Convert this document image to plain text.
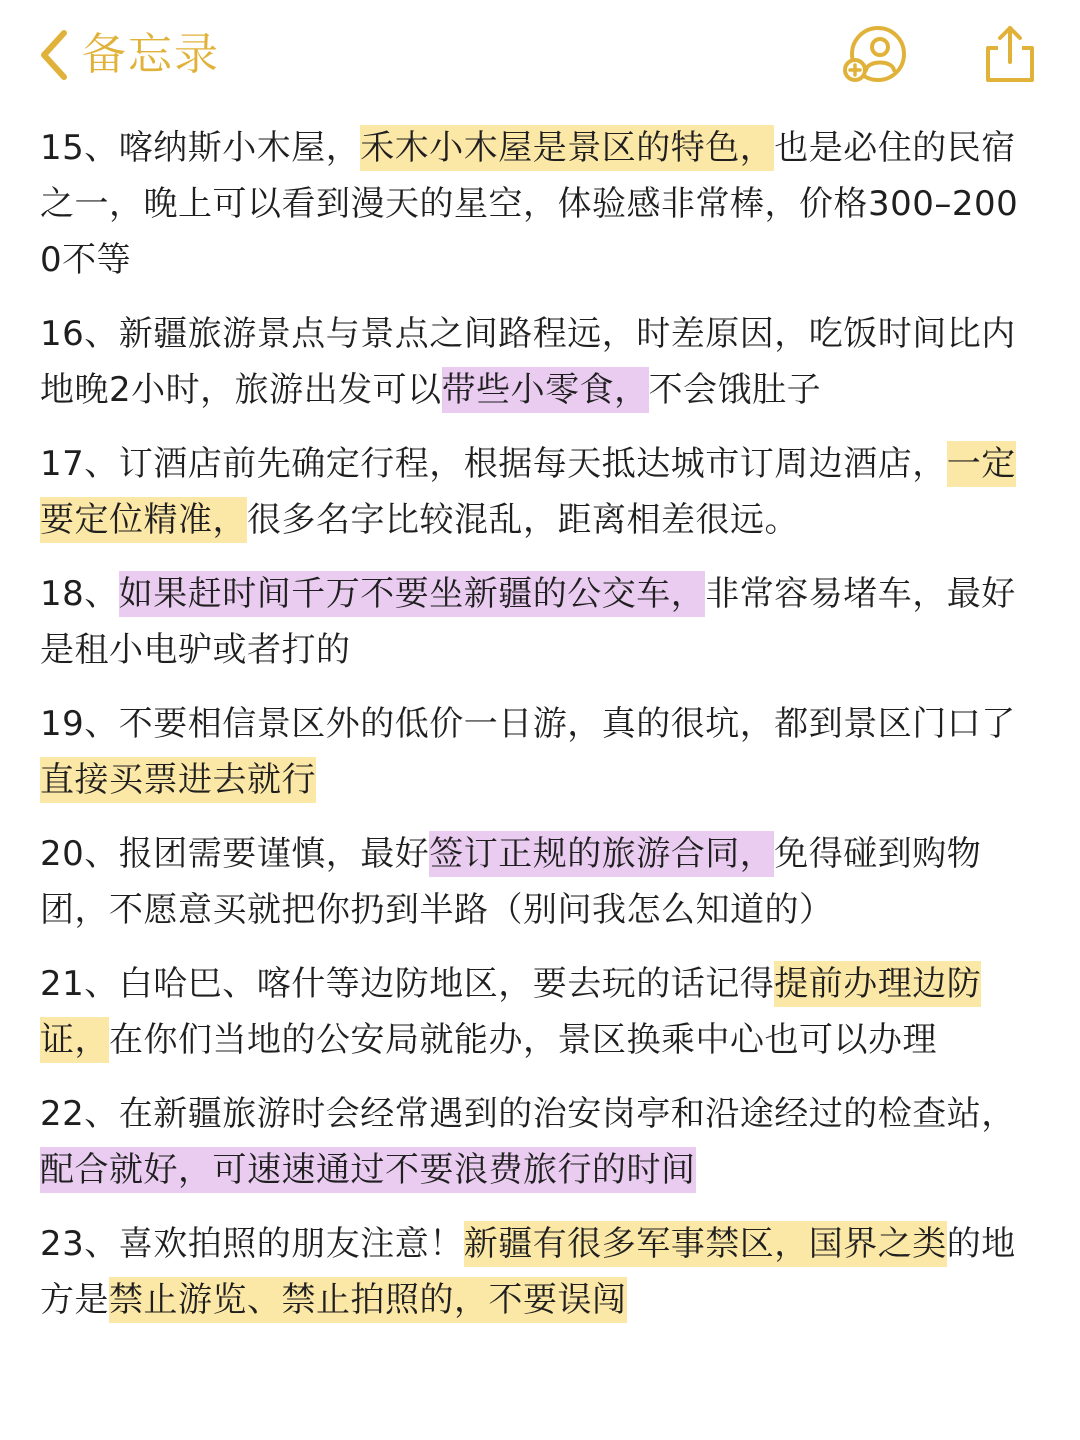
备忘录

15、喀纳斯小木屋，禾木小木屋是景区的特色，也是必住的民宿之一，晚上可以看到漫天的星空，体验感非常棒，价格300–2000不等

16、新疆旅游景点与景点之间路程远，时差原因，吃饭时间比内地晚2小时，旅游出发可以带些小零食，不会饿肚子

17、订酒店前先确定行程，根据每天抵达城市订周边酒店，一定要定位精准，很多名字比较混乱，距离相差很远。

18、如果赶时间千万不要坐新疆的公交车，非常容易堵车，最好是租小电驴或者打的

19、不要相信景区外的低价一日游，真的很坑，都到景区门口了直接买票进去就行

20、报团需要谨慎，最好签订正规的旅游合同，免得碰到购物团，不愿意买就把你扔到半路（别问我怎么知道的）

21、白哈巴、喀什等边防地区，要去玩的话记得提前办理边防证，在你们当地的公安局就能办，景区换乘中心也可以办理

22、在新疆旅游时会经常遇到的治安岗亭和沿途经过的检查站，配合就好，可速速通过不要浪费旅行的时间

23、喜欢拍照的朋友注意！新疆有很多军事禁区，国界之类的地方是禁止游览、禁止拍照的，不要误闯
